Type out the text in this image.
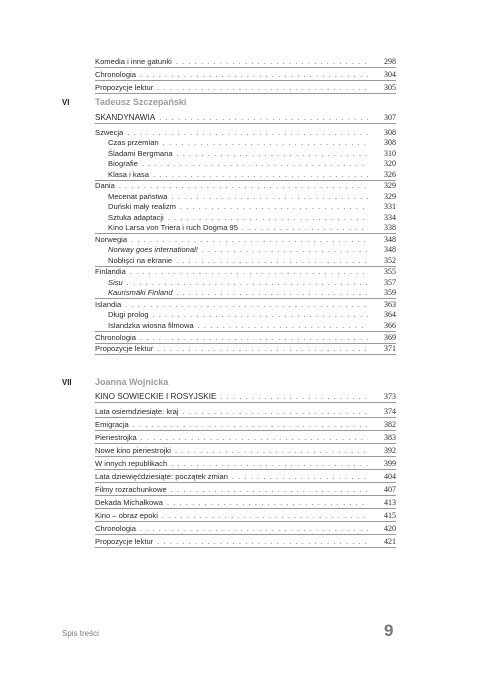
Komedia i inne gatunki . . .	298
Chronologia . . .	304
Propozycje lektur . . .	305
VI	Tadeusz Szczepański
SKANDYNAWIA . . .	307
Szwecja . . .	308
Czas przemian . . .	308
Śladami Bergmana . . .	310
Biografie . . .	320
Klasa i kasa . . .	326
Dania . . .	329
Mecenat państwa . . .	329
Duński mały realizm . . .	331
Sztuka adaptacji . . .	334
Kino Larsa von Triera i ruch Dogma 95 . . .	338
Norwegia . . .	348
Norway goes international! . . .	348
Noblişci na ekranie . . .	352
Finlandia . . .	355
Sisu . . .	357
Kaurismäki Finland . . .	359
Islandia . . .	363
Długi prolog . . .	364
Islandzka wiosna filmowa . . .	366
Chronologia . . .	369
Propozycje lektur . . .	371
VII	Joanna Wojnicka
KINO SOWIECKIE I ROSYJSKIE . . .	373
Lata osiemdziesiąte: kraj . . .	374
Emigracja . . .	382
Pieriestrojka . . .	383
Nowe kino pieriestrojki . . .	392
W innych republikach . . .	399
Lata dziewięćdziesiąte: początek zmian . . .	404
Filmy rozrachunkowe . . .	407
Dekada Michałkowa . . .	413
Kino – obraz epoki . . .	415
Chronologia . . .	420
Propozycje lektur . . .	421
Spis treści	9
